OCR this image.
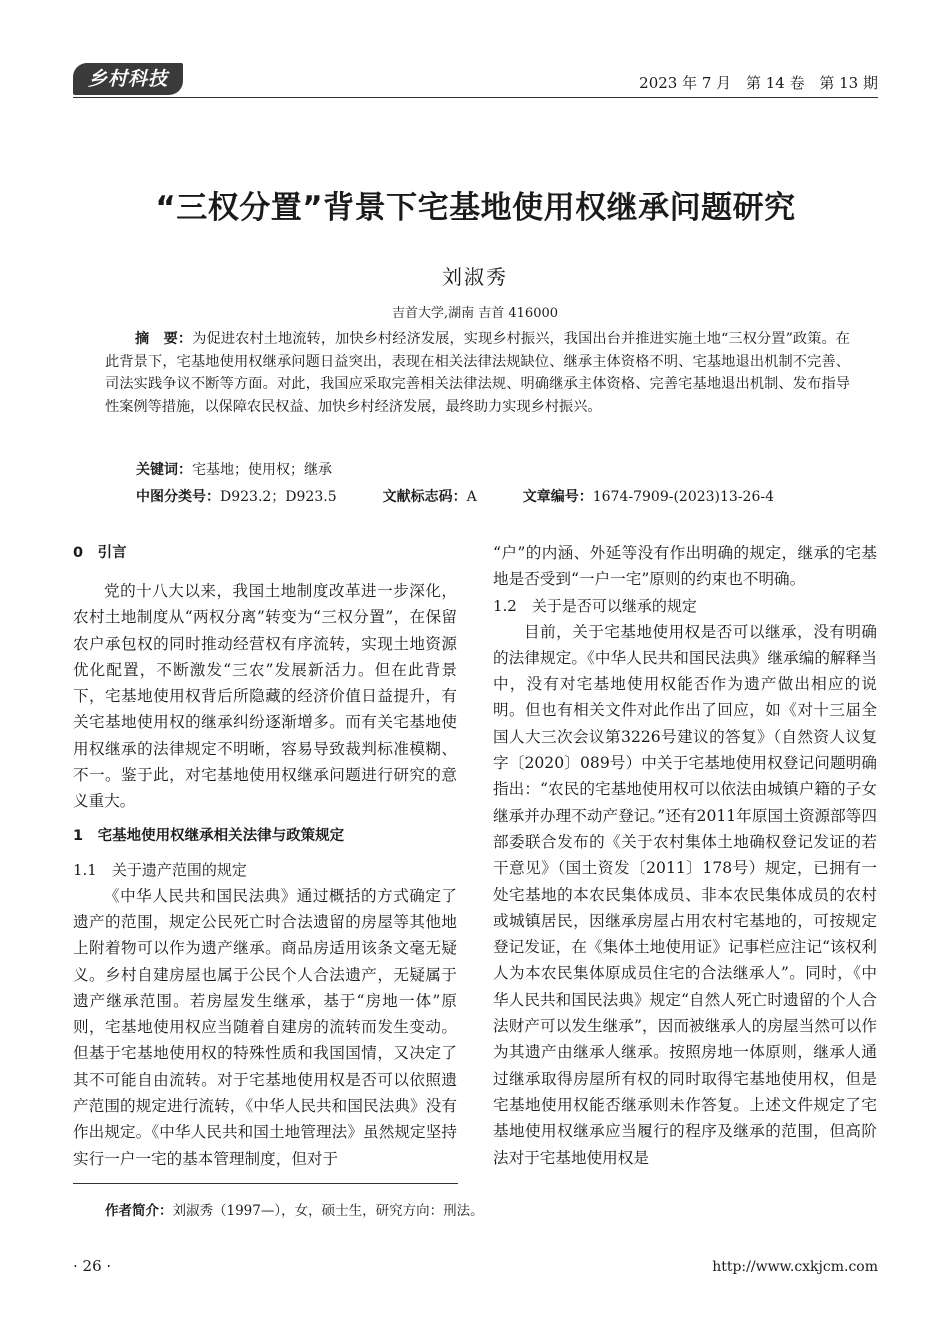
乡村科技	2023 年 7 月 第 14 卷 第 13 期
“三权分置”背景下宅基地使用权继承问题研究
刘淑秀
吉首大学,湖南 吉首 416000
摘　要：为促进农村土地流转，加快乡村经济发展，实现乡村振兴，我国出台并推进实施土地“三权分置”政策。在此背景下，宅基地使用权继承问题日益突出，表现在相关法律法规缺位、继承主体资格不明、宅基地退出机制不完善、司法实践争议不断等方面。对此，我国应采取完善相关法律法规、明确继承主体资格、完善宅基地退出机制、发布指导性案例等措施，以保障农民权益、加快乡村经济发展，最终助力实现乡村振兴。
关键词：宅基地；使用权；继承
中图分类号：D923.2；D923.5	文献标志码：A	文章编号：1674-7909-(2023)13-26-4
0　引言

党的十八大以来，我国土地制度改革进一步深化，农村土地制度从“两权分离”转变为“三权分置”，在保留农户承包权的同时推动经营权有序流转，实现土地资源优化配置，不断激发“三农”发展新活力。但在此背景下，宅基地使用权背后所隐藏的经济价值日益提升，有关宅基地使用权的继承纠纷逐渐增多。而有关宅基地使用权继承的法律规定不明晰，容易导致裁判标准模糊、不一。鉴于此，对宅基地使用权继承问题进行研究的意义重大。

1　宅基地使用权继承相关法律与政策规定
1.1　关于遗产范围的规定

《中华人民共和国民法典》通过概括的方式确定了遗产的范围，规定公民死亡时合法遗留的房屋等其他地上附着物可以作为遗产继承。商品房适用该条文毫无疑义。乡村自建房屋也属于公民个人合法遗产，无疑属于遗产继承范围。若房屋发生继承，基于“房地一体”原则，宅基地使用权应当随着自建房的流转而发生变动。但基于宅基地使用权的特殊性质和我国国情，又决定了其不可能自由流转。对于宅基地使用权是否可以依照遗产范围的规定进行流转，《中华人民共和国民法典》没有作出规定。《中华人民共和国土地管理法》虽然规定坚持实行一户一宅的基本管理制度，但对于

“户”的内涵、外延等没有作出明确的规定，继承的宅基地是否受到“一户一宅”原则的约束也不明确。

1.2　关于是否可以继承的规定

目前，关于宅基地使用权是否可以继承，没有明确的法律规定。《中华人民共和国民法典》继承编的解释当中，没有对宅基地使用权能否作为遗产做出相应的说明。但也有相关文件对此作出了回应，如《对十三届全国人大三次会议第3226号建议的答复》（自然资人议复字〔2020〕089号）中关于宅基地使用权登记问题明确指出：“农民的宅基地使用权可以依法由城镇户籍的子女继承并办理不动产登记。”还有2011年原国土资源部等四部委联合发布的《关于农村集体土地确权登记发证的若干意见》（国土资发〔2011〕178号）规定，已拥有一处宅基地的本农民集体成员、非本农民集体成员的农村或城镇居民，因继承房屋占用农村宅基地的，可按规定登记发证，在《集体土地使用证》记事栏应注记“该权利人为本农民集体原成员住宅的合法继承人”。同时，《中华人民共和国民法典》规定“自然人死亡时遗留的个人合法财产可以发生继承”，因而被继承人的房屋当然可以作为其遗产由继承人继承。按照房地一体原则，继承人通过继承取得房屋所有权的同时取得宅基地使用权，但是宅基地使用权能否继承则未作答复。上述文件规定了宅基地使用权继承应当履行的程序及继承的范围，但高阶法对于宅基地使用权是

作者简介：刘淑秀（1997—），女，硕士生，研究方向：刑法。
· 26 ·	http://www.cxkjcm.com
